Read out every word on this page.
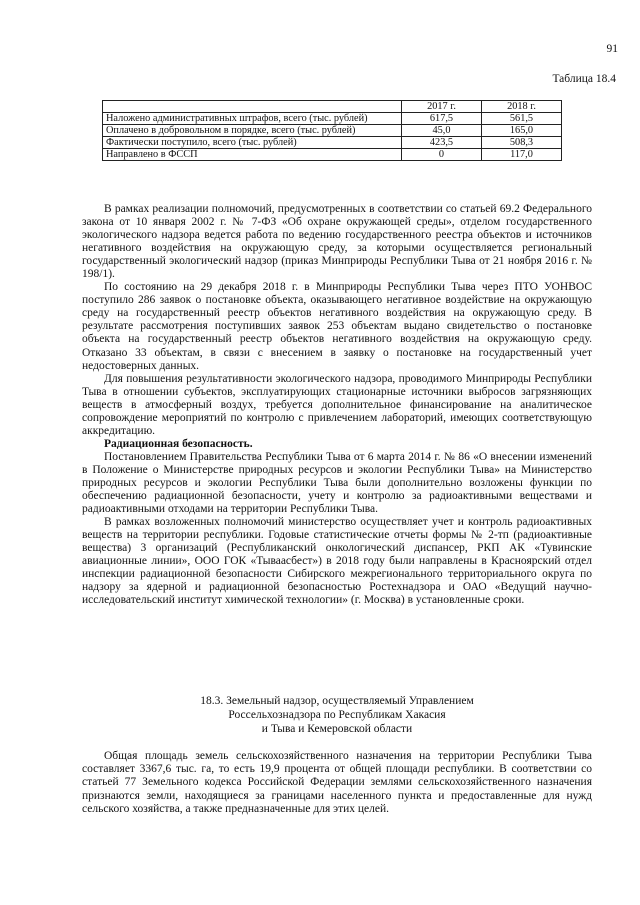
91
Таблица 18.4
	2017 г.	2018 г.
Наложено административных штрафов, всего (тыс. рублей)	617,5	561,5
Оплачено в добровольном в порядке, всего (тыс. рублей)	45,0	165,0
Фактически поступило, всего (тыс. рублей)	423,5	508,3
Направлено в ФССП	0	117,0

В рамках реализации полномочий, предусмотренных в соответствии со статьей 69.2 Федерального закона от 10 января 2002 г. № 7-ФЗ «Об охране окружающей среды», отделом государственного экологического надзора ведется работа по ведению государственного реестра объектов и источников негативного воздействия на окружающую среду, за которыми осуществляется региональный государственный экологический надзор (приказ Минприроды Республики Тыва от 21 ноября 2016 г. № 198/1).

По состоянию на 29 декабря 2018 г. в Минприроды Республики Тыва через ПТО УОНВОС поступило 286 заявок о постановке объекта, оказывающего негативное воздействие на окружающую среду на государственный реестр объектов негативного воздействия на окружающую среду. В результате рассмотрения поступивших заявок 253 объектам выдано свидетельство о постановке объекта на государственный реестр объектов негативного воздействия на окружающую среду. Отказано 33 объектам, в связи с внесением в заявку о постановке на государственный учет недостоверных данных.

Для повышения результативности экологического надзора, проводимого Минприроды Республики Тыва в отношении субъектов, эксплуатирующих стационарные источники выбросов загрязняющих веществ в атмосферный воздух, требуется дополнительное финансирование на аналитическое сопровождение мероприятий по контролю с привлечением лабораторий, имеющих соответствующую аккредитацию.

Радиационная безопасность.

Постановлением Правительства Республики Тыва от 6 марта 2014 г. № 86 «О внесении изменений в Положение о Министерстве природных ресурсов и экологии Республики Тыва» на Министерство природных ресурсов и экологии Республики Тыва были дополнительно возложены функции по обеспечению радиационной безопасности, учету и контролю за радиоактивными веществами и радиоактивными отходами на территории Республики Тыва.

В рамках возложенных полномочий министерство осуществляет учет и контроль радиоактивных веществ на территории республики. Годовые статистические отчеты формы № 2-тп (радиоактивные вещества) 3 организаций (Республиканский онкологический диспансер, РКП АК «Тувинские авиационные линии», ООО ГОК «Тываасбест») в 2018 году были направлены в Красноярский отдел инспекции радиационной безопасности Сибирского межрегионального территориального округа по надзору за ядерной и радиационной безопасностью Ростехнадзора и ОАО «Ведущий научно-исследовательский институт химической технологии» (г. Москва) в установленные сроки.

18.3. Земельный надзор, осуществляемый Управлением
Россельхознадзора по Республикам Хакасия
и Тыва и Кемеровской области

Общая площадь земель сельскохозяйственного назначения на территории Республики Тыва составляет 3367,6 тыс. га, то есть 19,9 процента от общей площади республики. В соответствии со статьей 77 Земельного кодекса Российской Федерации землями сельскохозяйственного назначения признаются земли, находящиеся за границами населенного пункта и предоставленные для нужд сельского хозяйства, а также предназначенные для этих целей.
